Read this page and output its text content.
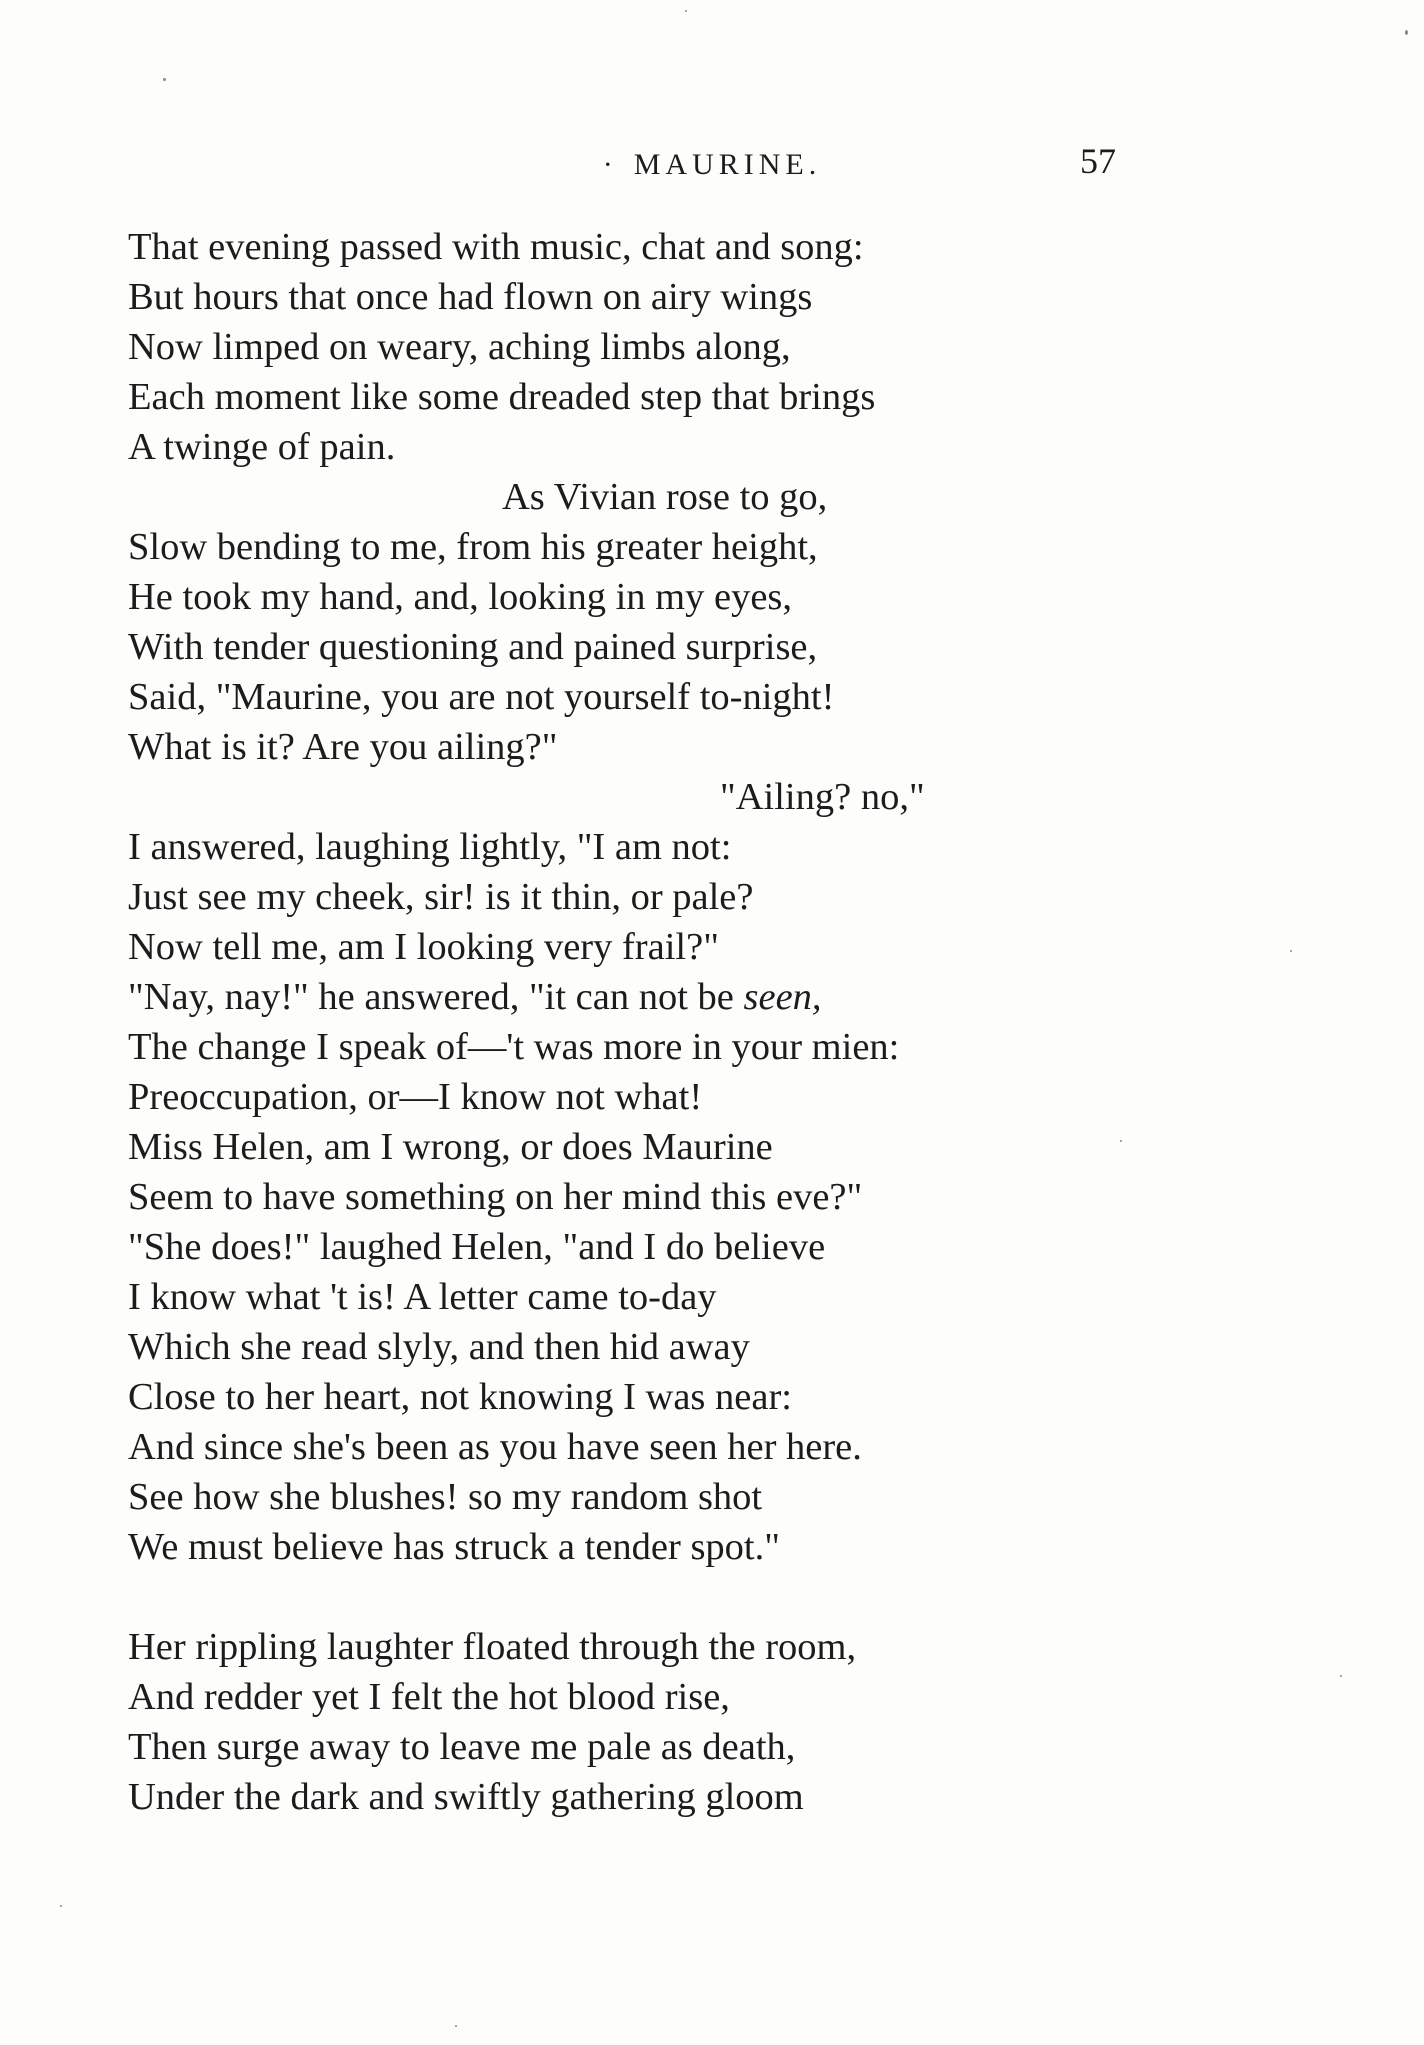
· MAURINE.	57
That evening passed with music, chat and song:
But hours that once had flown on airy wings
Now limped on weary, aching limbs along,
Each moment like some dreaded step that brings
A twinge of pain.
As Vivian rose to go,
Slow bending to me, from his greater height,
He took my hand, and, looking in my eyes,
With tender questioning and pained surprise,
Said, "Maurine, you are not yourself to-night!
What is it? Are you ailing?"
"Ailing? no,"
I answered, laughing lightly, "I am not:
Just see my cheek, sir! is it thin, or pale?
Now tell me, am I looking very frail?"
"Nay, nay!" he answered, "it can not be seen,
The change I speak of—'t was more in your mien:
Preoccupation, or—I know not what!
Miss Helen, am I wrong, or does Maurine
Seem to have something on her mind this eve?"
"She does!" laughed Helen, "and I do believe
I know what 't is! A letter came to-day
Which she read slyly, and then hid away
Close to her heart, not knowing I was near:
And since she's been as you have seen her here.
See how she blushes! so my random shot
We must believe has struck a tender spot."
Her rippling laughter floated through the room,
And redder yet I felt the hot blood rise,
Then surge away to leave me pale as death,
Under the dark and swiftly gathering gloom
